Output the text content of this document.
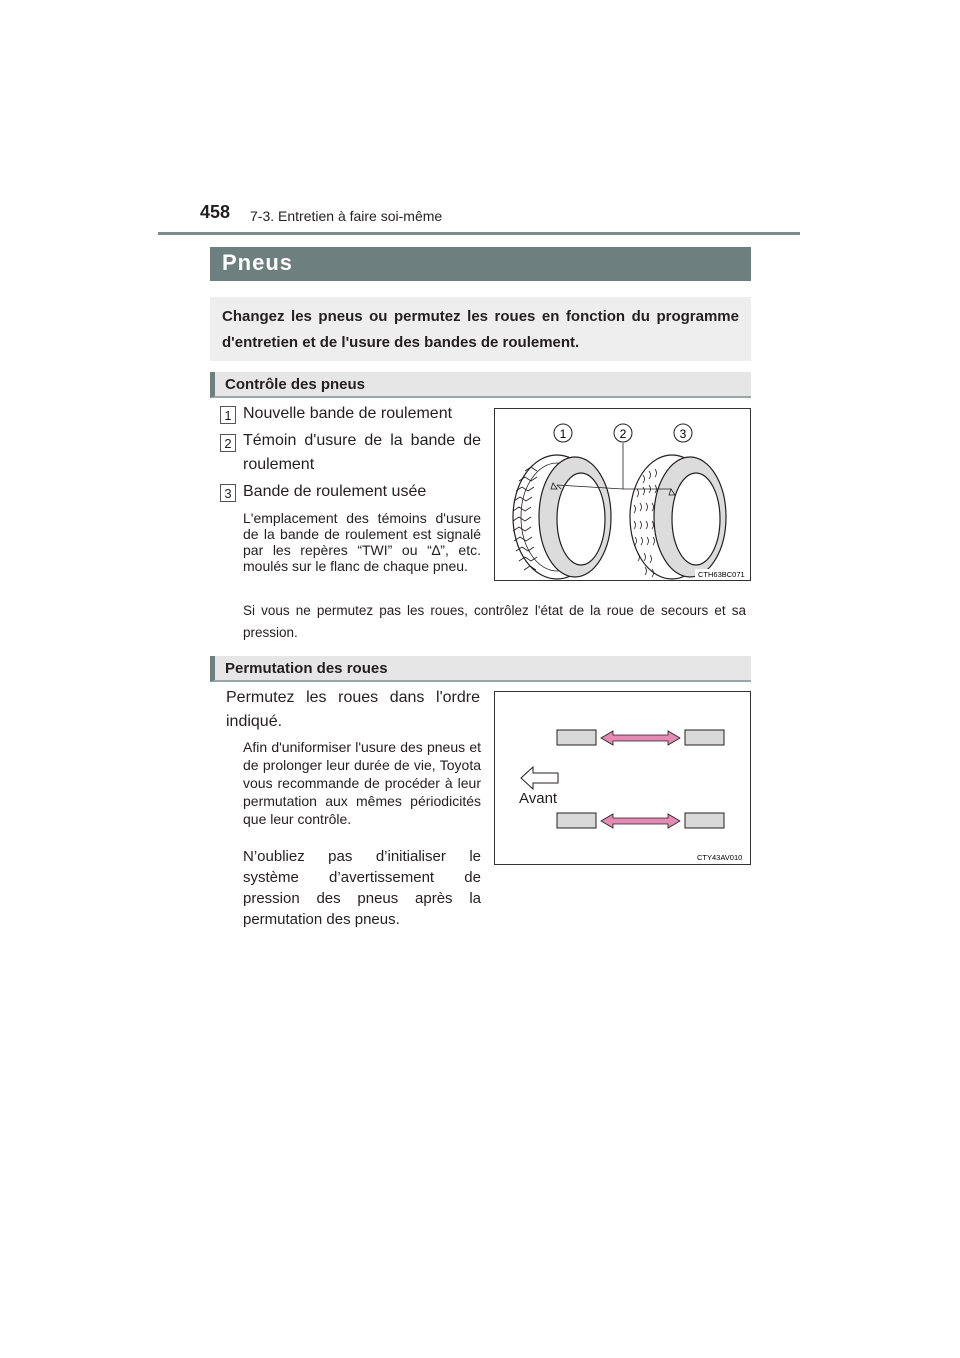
458 7-3. Entretien à faire soi-même
Pneus
Changez les pneus ou permutez les roues en fonction du programme d'entretien et de l'usure des bandes de roulement.
Contrôle des pneus
1 Nouvelle bande de roulement
2 Témoin d'usure de la bande de roulement
3 Bande de roulement usée
L'emplacement des témoins d'usure de la bande de roulement est signalé par les repères “TWI” ou “∆”, etc. moulés sur le flanc de chaque pneu.
Si vous ne permutez pas les roues, contrôlez l'état de la roue de secours et sa pression.
1	2	3
CTH63BC071
Permutation des roues
Permutez les roues dans l'ordre indiqué.
Afin d'uniformiser l'usure des pneus et de prolonger leur durée de vie, Toyota vous recommande de procéder à leur permutation aux mêmes périodicités que leur contrôle.
N’oubliez pas d’initialiser le système d’avertissement de pression des pneus après la permutation des pneus.
Avant
CTY43AV010
